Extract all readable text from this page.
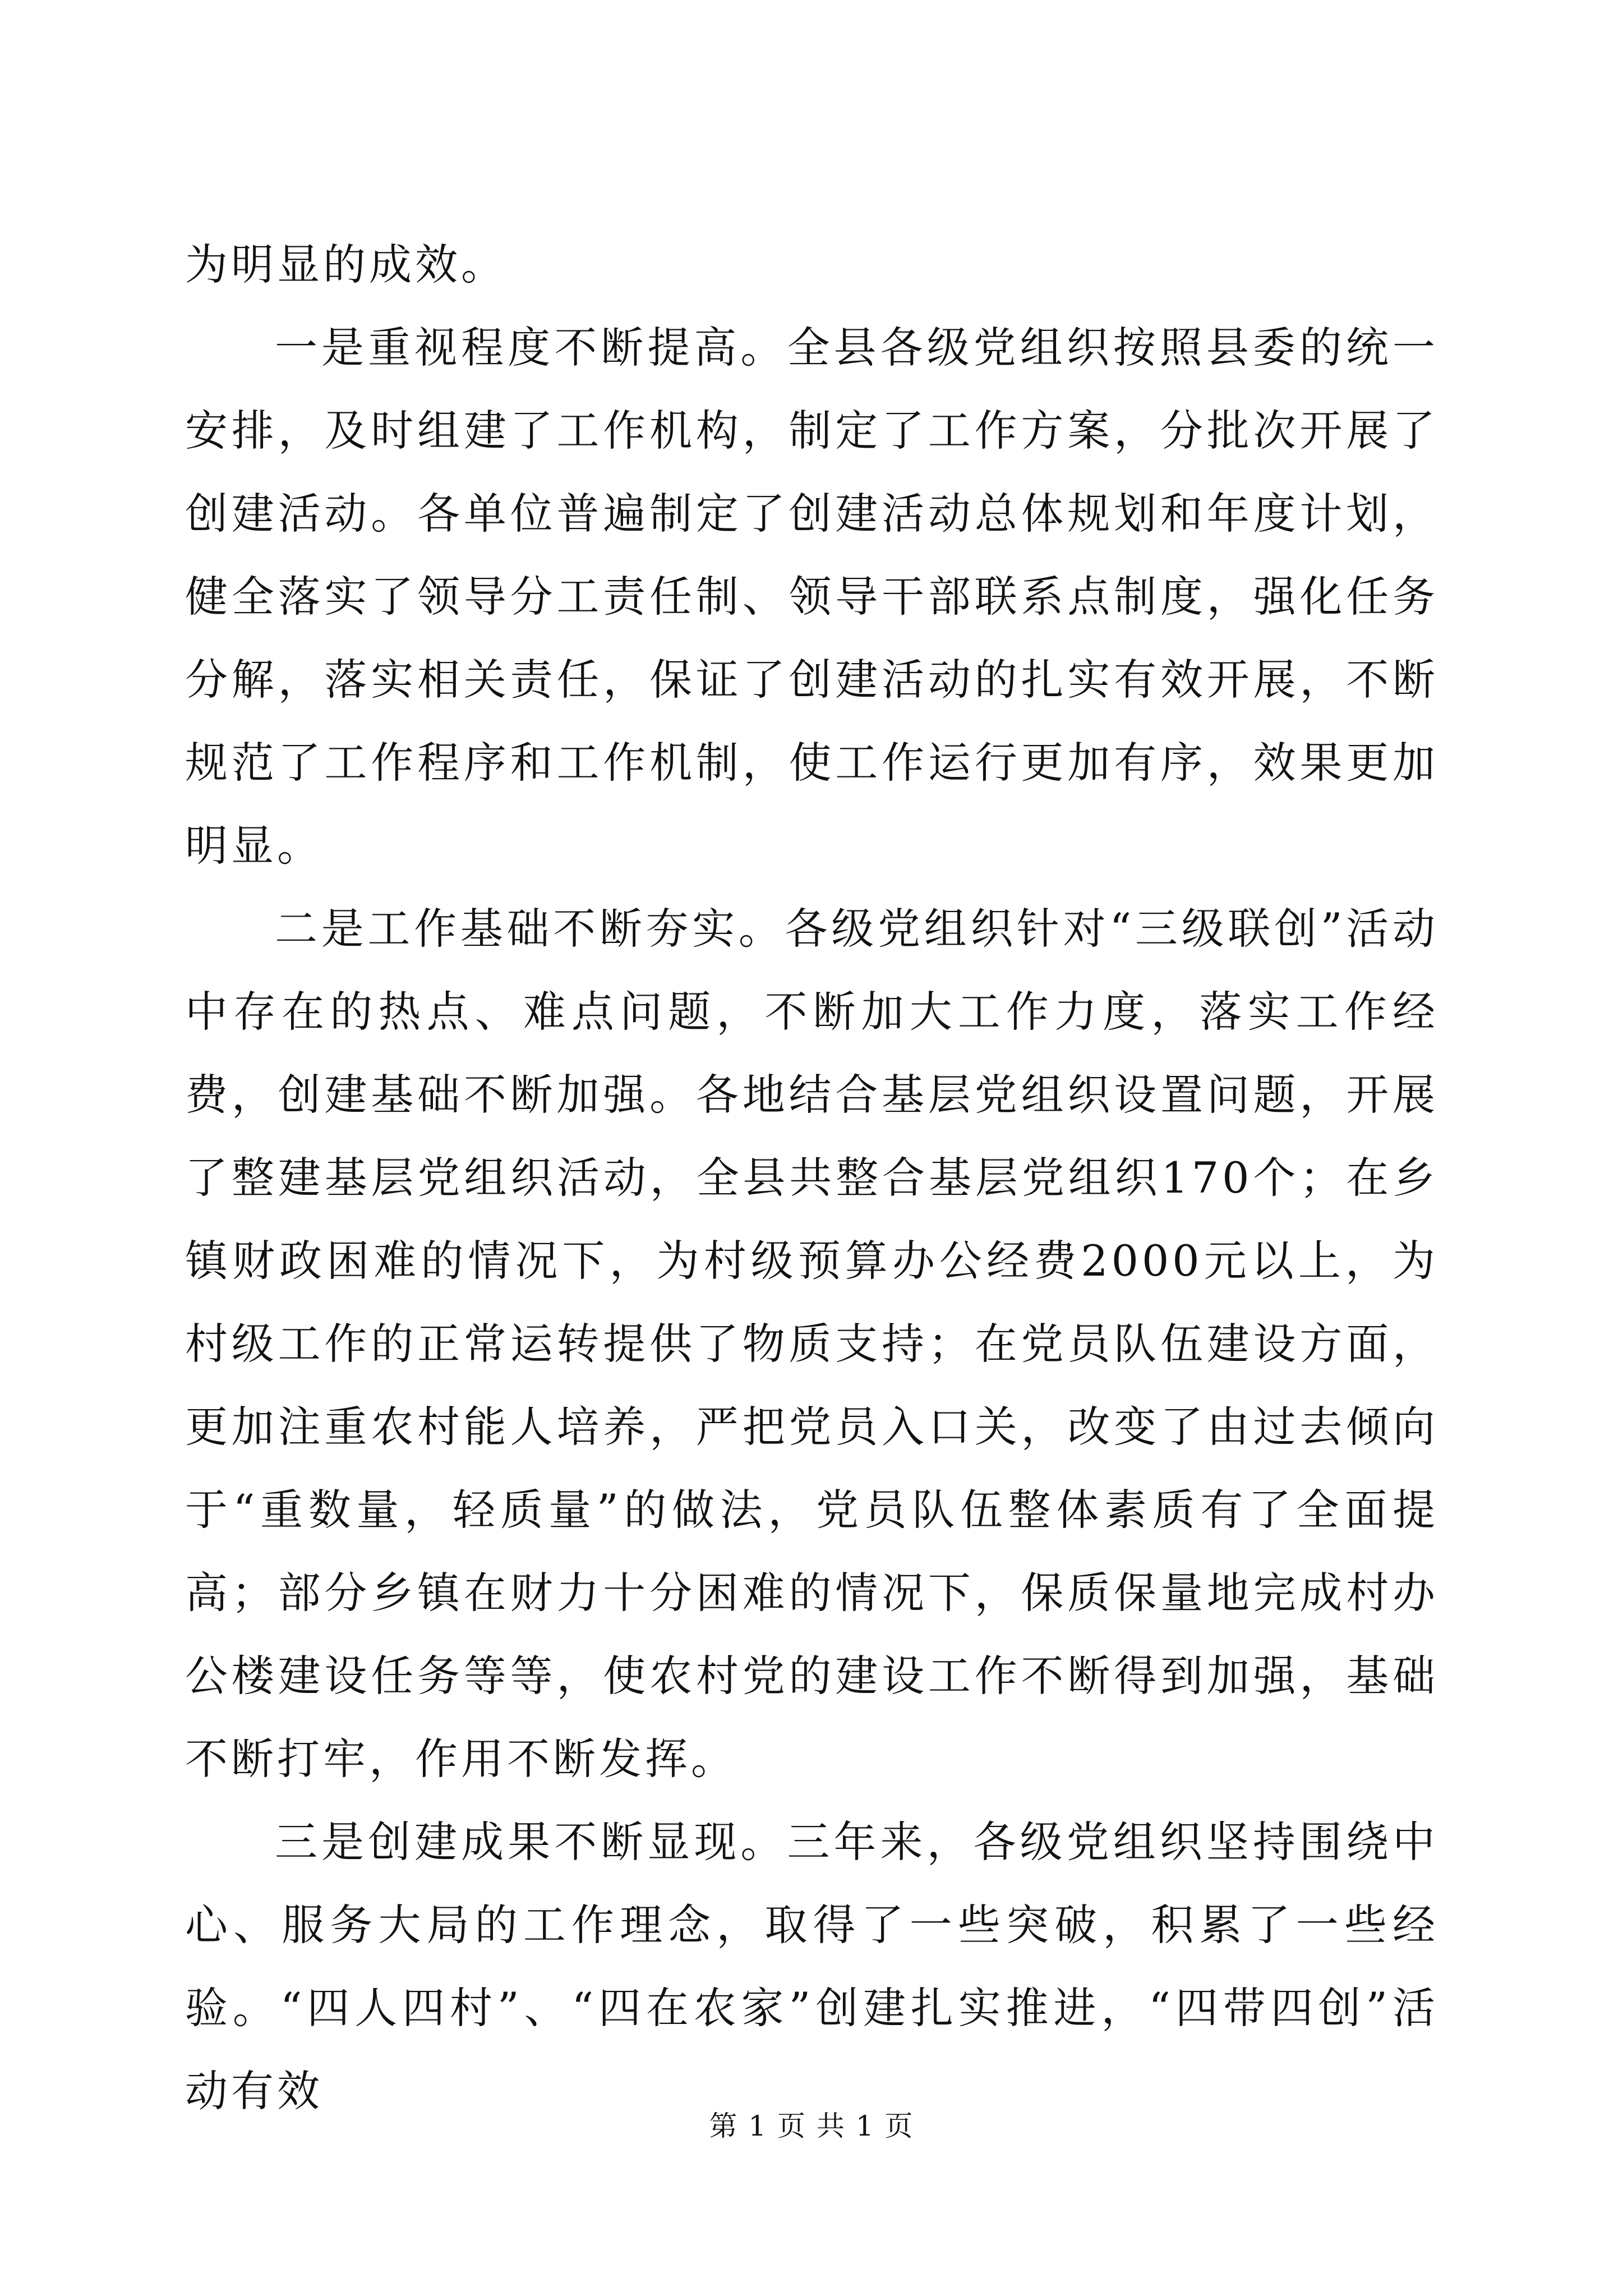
为明显的成效。

一是重视程度不断提高。全县各级党组织按照县委的统一安排，及时组建了工作机构，制定了工作方案，分批次开展了创建活动。各单位普遍制定了创建活动总体规划和年度计划，健全落实了领导分工责任制、领导干部联系点制度，强化任务分解，落实相关责任，保证了创建活动的扎实有效开展，不断规范了工作程序和工作机制，使工作运行更加有序，效果更加明显。

二是工作基础不断夯实。各级党组织针对“三级联创”活动中存在的热点、难点问题，不断加大工作力度，落实工作经费，创建基础不断加强。各地结合基层党组织设置问题，开展了整建基层党组织活动，全县共整合基层党组织170个；在乡镇财政困难的情况下，为村级预算办公经费2000元以上，为村级工作的正常运转提供了物质支持；在党员队伍建设方面，更加注重农村能人培养，严把党员入口关，改变了由过去倾向于“重数量，轻质量”的做法，党员队伍整体素质有了全面提高；部分乡镇在财力十分困难的情况下，保质保量地完成村办公楼建设任务等等，使农村党的建设工作不断得到加强，基础不断打牢，作用不断发挥。

三是创建成果不断显现。三年来，各级党组织坚持围绕中心、服务大局的工作理念，取得了一些突破，积累了一些经验。“四人四村”、“四在农家”创建扎实推进，“四带四创”活动有效

第 1 页 共 1 页
